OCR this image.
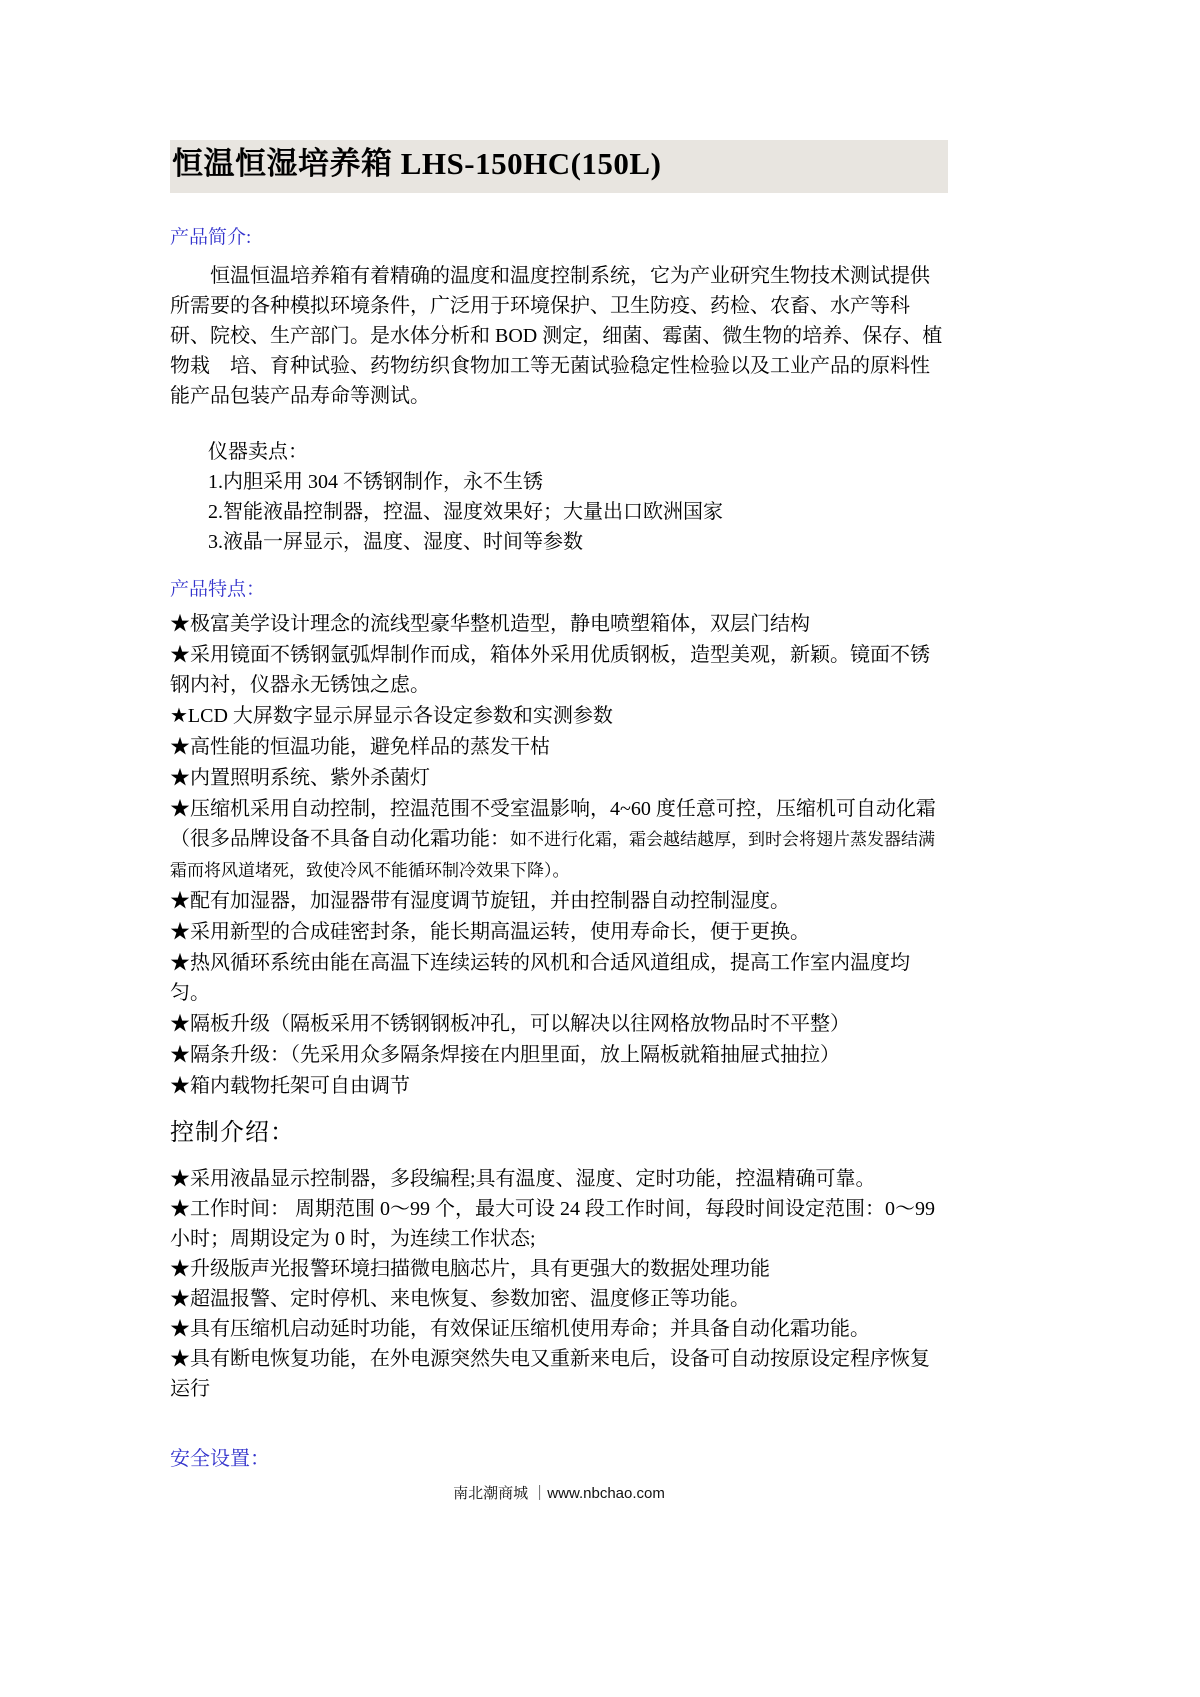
恒温恒湿培养箱 LHS-150HC(150L)
产品简介:

恒温恒温培养箱有着精确的温度和温度控制系统，它为产业研究生物技术测试提供所需要的各种模拟环境条件，广泛用于环境保护、卫生防疫、药检、农畜、水产等科研、院校、生产部门。是水体分析和 BOD 测定，细菌、霉菌、微生物的培养、保存、植物栽　培、育种试验、药物纺织食物加工等无菌试验稳定性检验以及工业产品的原料性能产品包装产品寿命等测试。

仪器卖点：

1.内胆采用 304 不锈钢制作，永不生锈

2.智能液晶控制器，控温、湿度效果好；大量出口欧洲国家

3.液晶一屏显示，温度、湿度、时间等参数

产品特点：

★极富美学设计理念的流线型豪华整机造型，静电喷塑箱体，双层门结构

★采用镜面不锈钢氩弧焊制作而成，箱体外采用优质钢板，造型美观，新颖。镜面不锈钢内衬，仪器永无锈蚀之虑。

★LCD 大屏数字显示屏显示各设定参数和实测参数

★高性能的恒温功能，避免样品的蒸发干枯

★内置照明系统、紫外杀菌灯

★压缩机采用自动控制，控温范围不受室温影响，4~60 度任意可控，压缩机可自动化霜（很多品牌设备不具备自动化霜功能：如不进行化霜，霜会越结越厚，到时会将翅片蒸发器结满霜而将风道堵死，致使冷风不能循环制冷效果下降）。

★配有加湿器，加湿器带有湿度调节旋钮，并由控制器自动控制湿度。

★采用新型的合成硅密封条，能长期高温运转，使用寿命长，便于更换。

★热风循环系统由能在高温下连续运转的风机和合适风道组成，提高工作室内温度均匀。

★隔板升级（隔板采用不锈钢钢板冲孔，可以解决以往网格放物品时不平整）

★隔条升级：（先采用众多隔条焊接在内胆里面，放上隔板就箱抽屉式抽拉）

★箱内载物托架可自由调节

控制介绍：

★采用液晶显示控制器，多段编程;具有温度、湿度、定时功能，控温精确可靠。

★工作时间： 周期范围 0～99 个，最大可设 24 段工作时间，每段时间设定范围：0～99 小时；周期设定为 0 时，为连续工作状态;

★升级版声光报警环境扫描微电脑芯片，具有更强大的数据处理功能

★超温报警、定时停机、来电恢复、参数加密、温度修正等功能。

★具有压缩机启动延时功能，有效保证压缩机使用寿命；并具备自动化霜功能。

★具有断电恢复功能，在外电源突然失电又重新来电后，设备可自动按原设定程序恢复运行

安全设置：
南北潮商城 ｜www.nbchao.com
